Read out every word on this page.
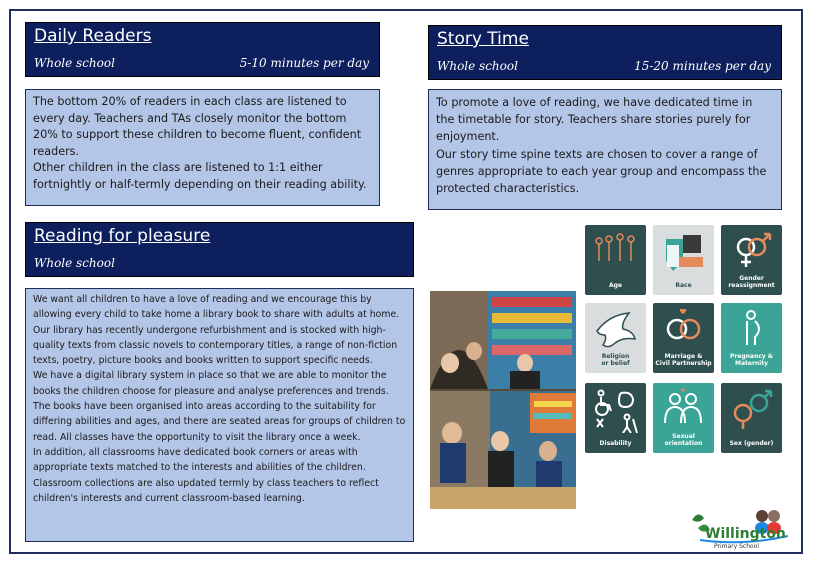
Daily Readers
Whole school	5-10 minutes per day

The bottom 20% of readers in each class are listened to every day. Teachers and TAs closely monitor the bottom 20% to support these children to become fluent, confident readers.
Other children in the class are listened to 1:1 either fortnightly or half-termly depending on their reading ability.

Story Time
Whole school	15-20 minutes per day

To promote a love of reading, we have dedicated time in the timetable for story. Teachers share stories purely for enjoyment.
Our story time spine texts are chosen to cover a range of genres appropriate to each year group and encompass the protected characteristics.

Reading for pleasure
Whole school

We want all children to have a love of reading and we encourage this by allowing every child to take home a library book to share with adults at home. Our library has recently undergone refurbishment and is stocked with high-quality texts from classic novels to contemporary titles, a range of non-fiction texts, poetry, picture books and books written to support specific needs.
We have a digital library system in place so that we are able to monitor the books the children choose for pleasure and analyse preferences and trends. The books have been organised into areas according to the suitability for differing abilities and ages, and there are seated areas for groups of children to read. All classes have the opportunity to visit the library once a week.
In addition, all classrooms have dedicated book corners or areas with appropriate texts matched to the interests and abilities of the children. Classroom collections are also updated termly by class teachers to reflect children's interests and current classroom-based learning.

Age	Race
Gender
reassignment
Religion
or belief
Marriage &
Civil Partnership
Pregnancy &
Maternity
Disability
Sexual
orientation	Sex (gender)
Willington
Primary School
